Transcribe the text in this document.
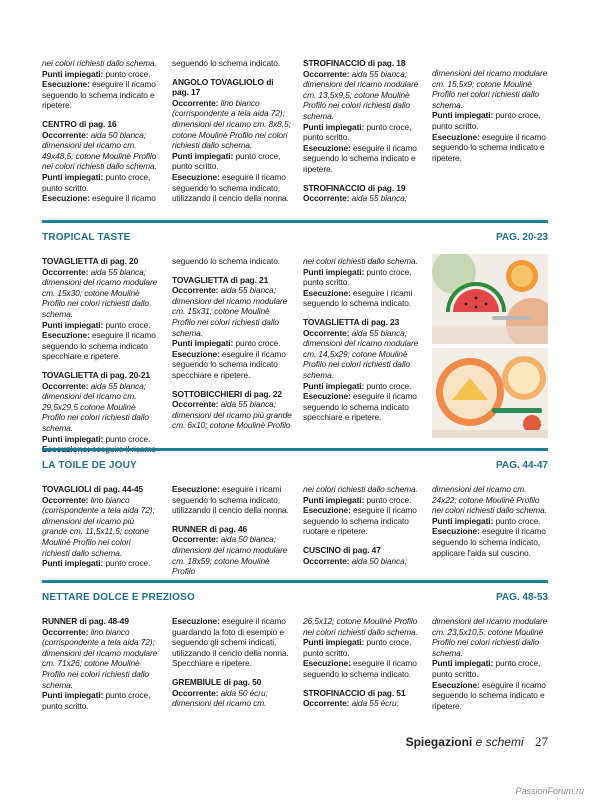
nei colori richiesti dallo schema.

Punti impiegati: punto croce.

Esecuzione: eseguire il ricamo seguendo lo schema indicato e ripetere.

CENTRO di pag. 16

Occorrente: aida 50 bianca; dimensioni del ricamo cm. 49x48,5; cotone Moulinè Profilo nei colori richiesti dallo schema.

Punti impiegati: punto croce, punto scritto.

Esecuzione: eseguire il ricamo

seguendo lo schema indicato.

ANGOLO TOVAGLIOLO di pag. 17

Occorrente: lino bianco (corrispondente a tela aida 72); dimensioni del ricamo cm. 8x8,5; cotone Moulinè Profilo nei colori richiesti dallo schema.

Punti impiegati: punto croce, punto scritto.

Esecuzione: eseguire il ricamo seguendo lo schema indicato, utilizzando il cencio della nonna.

STROFINACCIO di pag. 18

Occorrente: aida 55 bianca; dimensioni del ricamo modulare cm. 13,5x9,5; cotone Moulinè Profilo nei colori richiesti dallo schema.

Punti impiegati: punto croce, punto scritto.

Esecuzione: eseguire il ricamo seguendo lo schema indicato e ripetere.

STROFINACCIO di pag. 19

Occorrente: aida 55 bianca;

dimensioni del ricamo modulare cm. 15,5x9; cotone Moulinè Profilo nei colori richiesti dallo schema.

Punti impiegati: punto croce, punto scritto.

Esecuzione: eseguire il ricamo seguendo lo schema indicato e ripetere.

TROPICAL TASTE	PAG. 20-23

TOVAGLIETTA di pag. 20

Occorrente: aida 55 bianca; dimensioni del ricamo modulare cm. 15x30; cotone Moulinè Profilo nei colori richiesti dallo schema.

Punti impiegati: punto croce.

Esecuzione: eseguire il ricamo seguendo lo schema indicato specchiare e ripetere.

TOVAGLIETTA di pag. 20-21

Occorrente: aida 55 bianca; dimensioni del ricamo cm. 29,5x29,5 cotone Moulinè Profilo nei colori richiesti dallo schema.

Punti impiegati: punto croce.

seguendo lo schema indicato.

TOVAGLIETTA di pag. 21

Occorrente: aida 55 bianca; dimensioni del ricamo modulare cm. 15x31; cotone Moulinè Profilo nei colori richiesti dallo schema.

Punti impiegati: punto croce.

Esecuzione: eseguire il ricamo seguendo lo schema indicato specchiare e ripetere.

SOTTOBICCHIERI di pag. 22

Occorrente: aida 55 bianca; dimensioni del ricamo più grande cm. 6x10; cotone Moulinè Profilo

nei colori richiesti dallo schema.

Punti impiegati: punto croce, punto scritto.

Esecuzione: eseguire i ricami seguendo lo schema indicato.

TOVAGLIETTA di pag. 23

Occorrente: aida 55 bianca; dimensioni del ricamo modulare cm. 14,5x29; cotone Moulinè Profilo nei colori richiesti dallo schema.

Punti impiegati: punto croce.

Esecuzione: eseguire il ricamo seguendo lo schema indicato specchiare e ripetere.

LA TOILE DE JOUY	PAG. 44-47

TOVAGLIOLI di pag. 44-45

Occorrente: lino bianco (corrispondente a tela aida 72); dimensioni del ricamo più grande cm. 11,5x11,5; cotone Moulinè Profilo nei colori richiesti dallo schema.

Punti impiegati: punto croce.

Esecuzione: eseguire i ricami seguendo lo schema indicato, utilizzando il cencio della nonna.

RUNNER di pag. 46

Occorrente: aida 50 bianca; dimensioni del ricamo modulare cm. 18x59; cotone Moulinè Profilo

nei colori richiesti dallo schema.

Punti impiegati: punto croce.

Esecuzione: eseguire il ricamo seguendo lo schema indicato ruotare e ripetere.

CUSCINO di pag. 47

Occorrente: aida 50 bianca;

dimensioni del ricamo cm. 24x22; cotone Moulinè Profilo nei colori richiesti dallo schema.

Punti impiegati: punto croce.

Esecuzione: eseguire il ricamo seguendo lo schema indicato, applicare l'aida sul cuscino.

NETTARE DOLCE E PREZIOSO	PAG. 48-53

RUNNER di pag. 48-49

Occorrente: lino bianco (corrispondente a tela aida 72); dimensioni del ricamo modulare cm. 71x26; cotone Moulinè Profilo nei colori richiesti dallo schema.

Punti impiegati: punto croce, punto scritto.

Esecuzione: eseguire il ricamo guardando la foto di esempio e seguendo gli schemi indicati, utilizzando il cencio della nonna. Specchiare e ripetere.

GREMBIULE di pag. 50

Occorrente: aida 50 ècru; dimensioni del ricamo cm.

26,5x12; cotone Moulinè Profilo nei colori richiesti dallo schema.

Punti impiegati: punto croce, punto scritto.

Esecuzione: eseguire il ricamo seguendo lo schema indicato.

STROFINACCIO di pag. 51

Occorrente: aida 55 ècru;

dimensioni del ricamo modulare cm. 23,5x10,5; cotone Moulinè Profilo nei colori richiesti dallo schema.

Punti impiegati: punto croce, punto scritto.

Esecuzione: eseguire il ricamo seguendo lo schema indicato e ripetere.

Spiegazioni e schemi 27
PassionForum.ru
